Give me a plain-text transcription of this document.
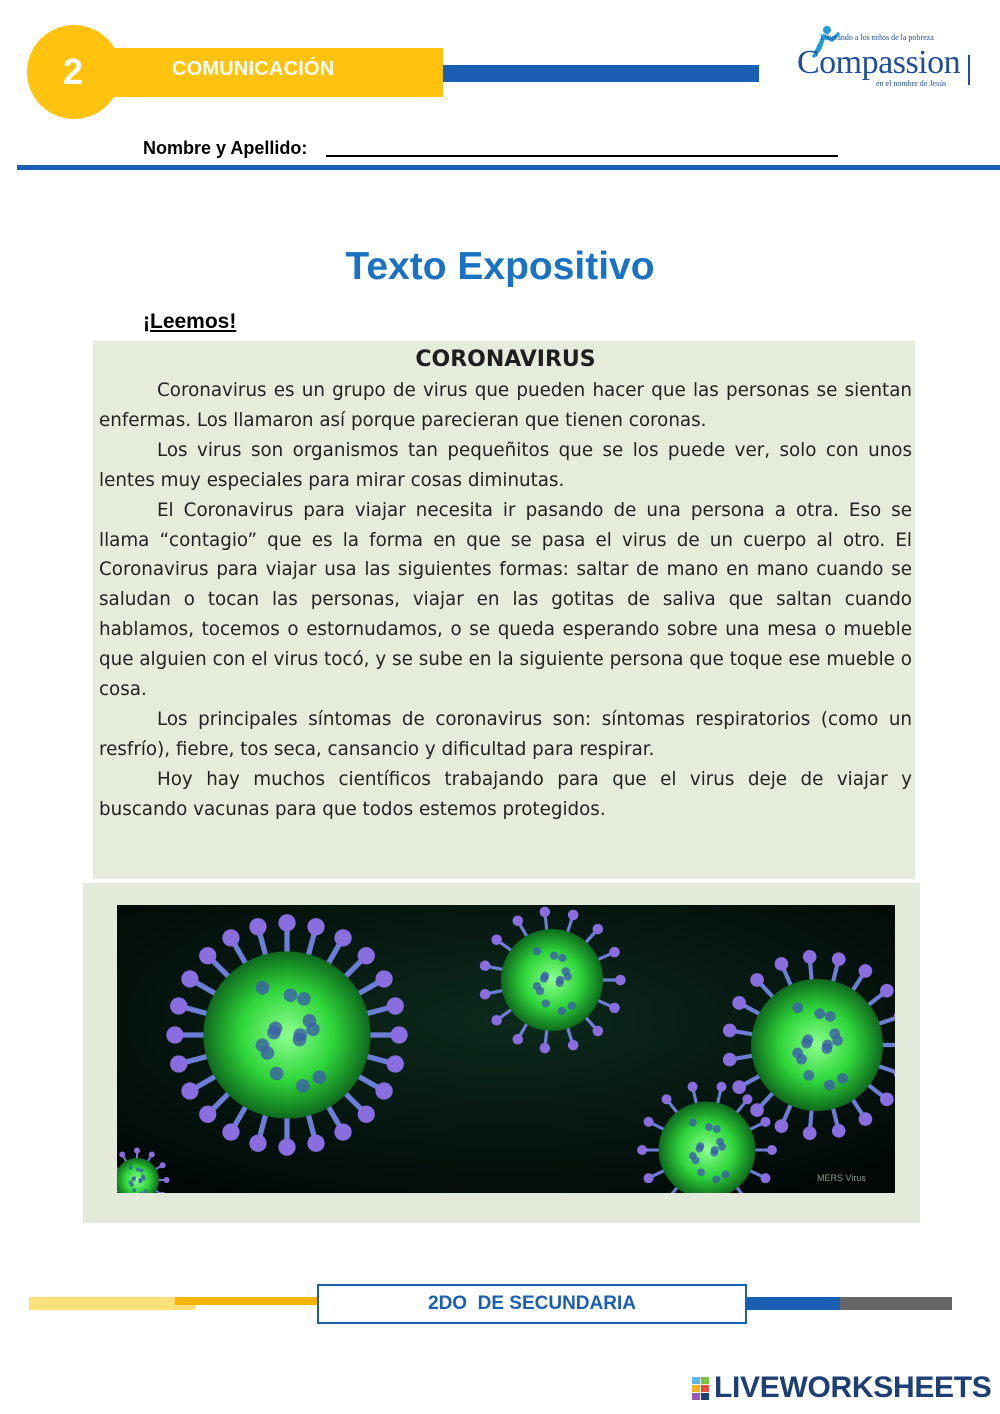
2	COMUNICACIÓN
Liberando a los niños de la pobreza
Compassion
en el nombre de Jesús
Nombre y Apellido:
Texto Expositivo
¡Leemos!
CORONAVIRUS

Coronavirus es un grupo de virus que pueden hacer que las personas se sientan enfermas. Los llamaron así porque parecieran que tienen coronas.

Los virus son organismos tan pequeñitos que se los puede ver, solo con unos lentes muy especiales para mirar cosas diminutas.

El Coronavirus para viajar necesita ir pasando de una persona a otra. Eso se llama “contagio” que es la forma en que se pasa el virus de un cuerpo al otro. El Coronavirus para viajar usa las siguientes formas: saltar de mano en mano cuando se saludan o tocan las personas, viajar en las gotitas de saliva que saltan cuando hablamos, tocemos o estornudamos, o se queda esperando sobre una mesa o mueble que alguien con el virus tocó, y se sube en la siguiente persona que toque ese mueble o cosa.

Los principales síntomas de coronavirus son: síntomas respiratorios (como un resfrío), fiebre, tos seca, cansancio y dificultad para respirar.

Hoy hay muchos científicos trabajando para que el virus deje de viajar y buscando vacunas para que todos estemos protegidos.

MERS Virus
2DO  DE SECUNDARIA
LIVEWORKSHEETS
